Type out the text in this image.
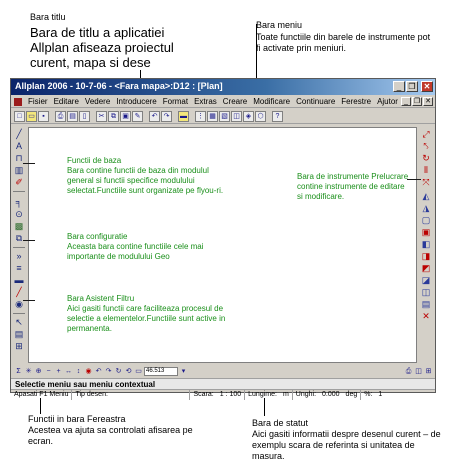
Bara titlu
Bara de titlu a aplicatiei Allplan afiseaza proiectul curent, mapa si dese
Bara meniu
Toate functiile din barele de instrumente pot fi activate prin meniuri.
Allplan 2006 - 10-7-06 - <Fara mapa>:D12 : [Plan]	_ ❐	✕
Fisier Editare Vedere Introducere Format Extras Creare Modificare Continuare Ferestre Ajutor _ ❐ ✕
□ ▭	▪	⎙ ▤ ▯	✂ ⧉ ▣ ✎	↶ ↷	▬ ⋮ ▦ ▧ ◫ ◈ ⬡	?
╱
A
⊓
▥
✐
╕
⊙
▩
⧉
»
≡
▬
╱
◉
↖
▤
⊞
Functii de baza
Bara contine functii de baza din modulul general si functii specifice modulului selectat.Functiile sunt organizate pe flyou-ri.
Bara configuratie
Aceasta bara contine functiile cele mai importante de modulului Geo
Bara Asistent Filtru
Aici gasiti functii care faciliteaza procesul de selectie a elementelor.Functiile sunt active in permanenta.
Bara de instrumente Prelucrare
contine instrumente de editare si modificare.
⤢
⤣
↻
⦀
⤧
◭
◮
▢
▣
◧
◨
◩
◪
◫
▤
✕
Σ ✳ ⊕ − + ↔ ↕ ◉ ↶ ↷ ↻ ⟲ ▭ 46.513	▾	⎙ ◫ ⊞
Selectie meniu sau meniu contextual
Apasati F1 Meniu	Tip desen:	Scara: 1 : 100	Lungime: m	Unghi: 0.000 deg	%: 1
Functii in bara Fereastra
Acestea va ajuta sa controlati afisarea pe ecran.
Bara de statut
Aici gasiti informatii despre desenul curent – de exemplu scara de referinta si unitatea de masura.
